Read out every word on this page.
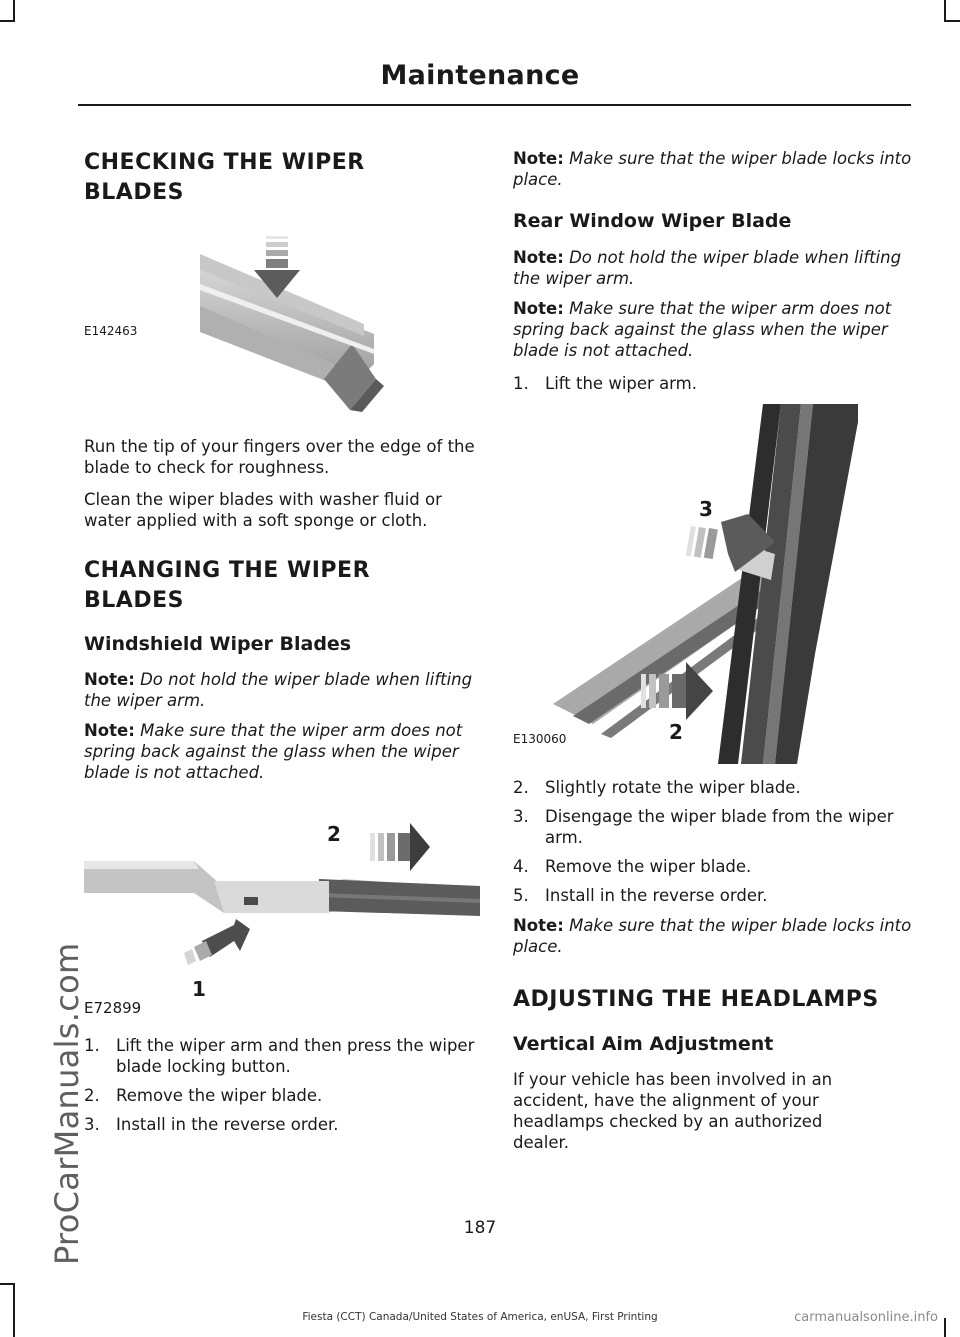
ProCarManuals.com
Maintenance
CHECKING THE WIPER BLADES
E142463

Run the tip of your fingers over the edge of the blade to check for roughness.

Clean the wiper blades with washer fluid or water applied with a soft sponge or cloth.

CHANGING THE WIPER BLADES
Windshield Wiper Blades

Note: Do not hold the wiper blade when lifting the wiper arm.

Note: Make sure that the wiper arm does not spring back against the glass when the wiper blade is not attached.

2
1
E72899
1. Lift the wiper arm and then press the wiper blade locking button.
2. Remove the wiper blade.
3. Install in the reverse order.

Note: Make sure that the wiper blade locks into place.

Rear Window Wiper Blade

Note: Do not hold the wiper blade when lifting the wiper arm.

Note: Make sure that the wiper arm does not spring back against the glass when the wiper blade is not attached.

1. Lift the wiper arm.
3
2
E130060
2. Slightly rotate the wiper blade.
3. Disengage the wiper blade from the wiper arm.
4. Remove the wiper blade.
5. Install in the reverse order.

Note: Make sure that the wiper blade locks into place.

ADJUSTING THE HEADLAMPS
Vertical Aim Adjustment

If your vehicle has been involved in an accident, have the alignment of your headlamps checked by an authorized dealer.

187
Fiesta (CCT) Canada/United States of America, enUSA, First Printing	carmanualsonline.info
